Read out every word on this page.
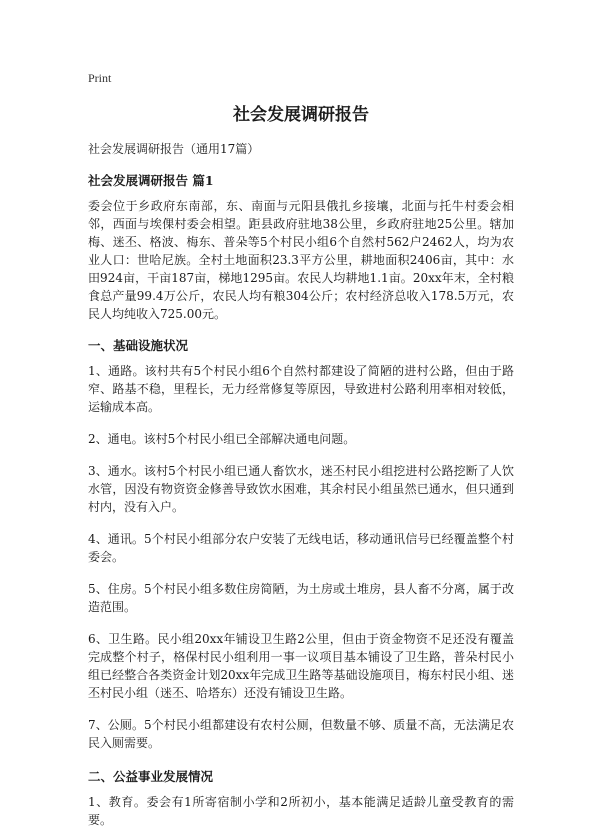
Print
社会发展调研报告
社会发展调研报告（通用17篇）
社会发展调研报告 篇1
委会位于乡政府东南部，东、南面与元阳县俄扎乡接壤，北面与托牛村委会相邻，西面与埃倮村委会相望。距县政府驻地38公里，乡政府驻地25公里。辖加梅、迷丕、格波、梅东、普朵等5个村民小组6个自然村562户2462人，均为农业人口：世哈尼族。全村土地面积23.3平方公里，耕地面积2406亩，其中：水田924亩，干亩187亩，梯地1295亩。农民人均耕地1.1亩。20xx年末，全村粮食总产量99.4万公斤，农民人均有粮304公斤；农村经济总收入178.5万元，农民人均纯收入725.00元。
一、基础设施状况
1、通路。该村共有5个村民小组6个自然村都建设了简陋的进村公路，但由于路窄、路基不稳，里程长，无力经常修复等原因，导致进村公路利用率相对较低，运输成本高。
2、通电。该村5个村民小组已全部解决通电问题。
3、通水。该村5个村民小组已通人畜饮水，迷丕村民小组挖进村公路挖断了人饮水管，因没有物资资金修善导致饮水困难，其余村民小组虽然已通水，但只通到村内，没有入户。
4、通讯。5个村民小组部分农户安装了无线电话，移动通讯信号已经覆盖整个村委会。
5、住房。5个村民小组多数住房简陋，为土房或土堆房，县人畜不分离，属于改造范围。
6、卫生路。民小组20xx年铺设卫生路2公里，但由于资金物资不足还没有覆盖完成整个村子，格保村民小组利用一事一议项目基本铺设了卫生路，普朵村民小组已经整合各类资金计划20xx年完成卫生路等基础设施项目，梅东村民小组、迷丕村民小组（迷丕、哈塔东）还没有铺设卫生路。
7、公厕。5个村民小组都建设有农村公厕，但数量不够、质量不高，无法满足农民入厕需要。
二、公益事业发展情况
1、教育。委会有1所寄宿制小学和2所初小，基本能满足适龄儿童受教育的需要。
